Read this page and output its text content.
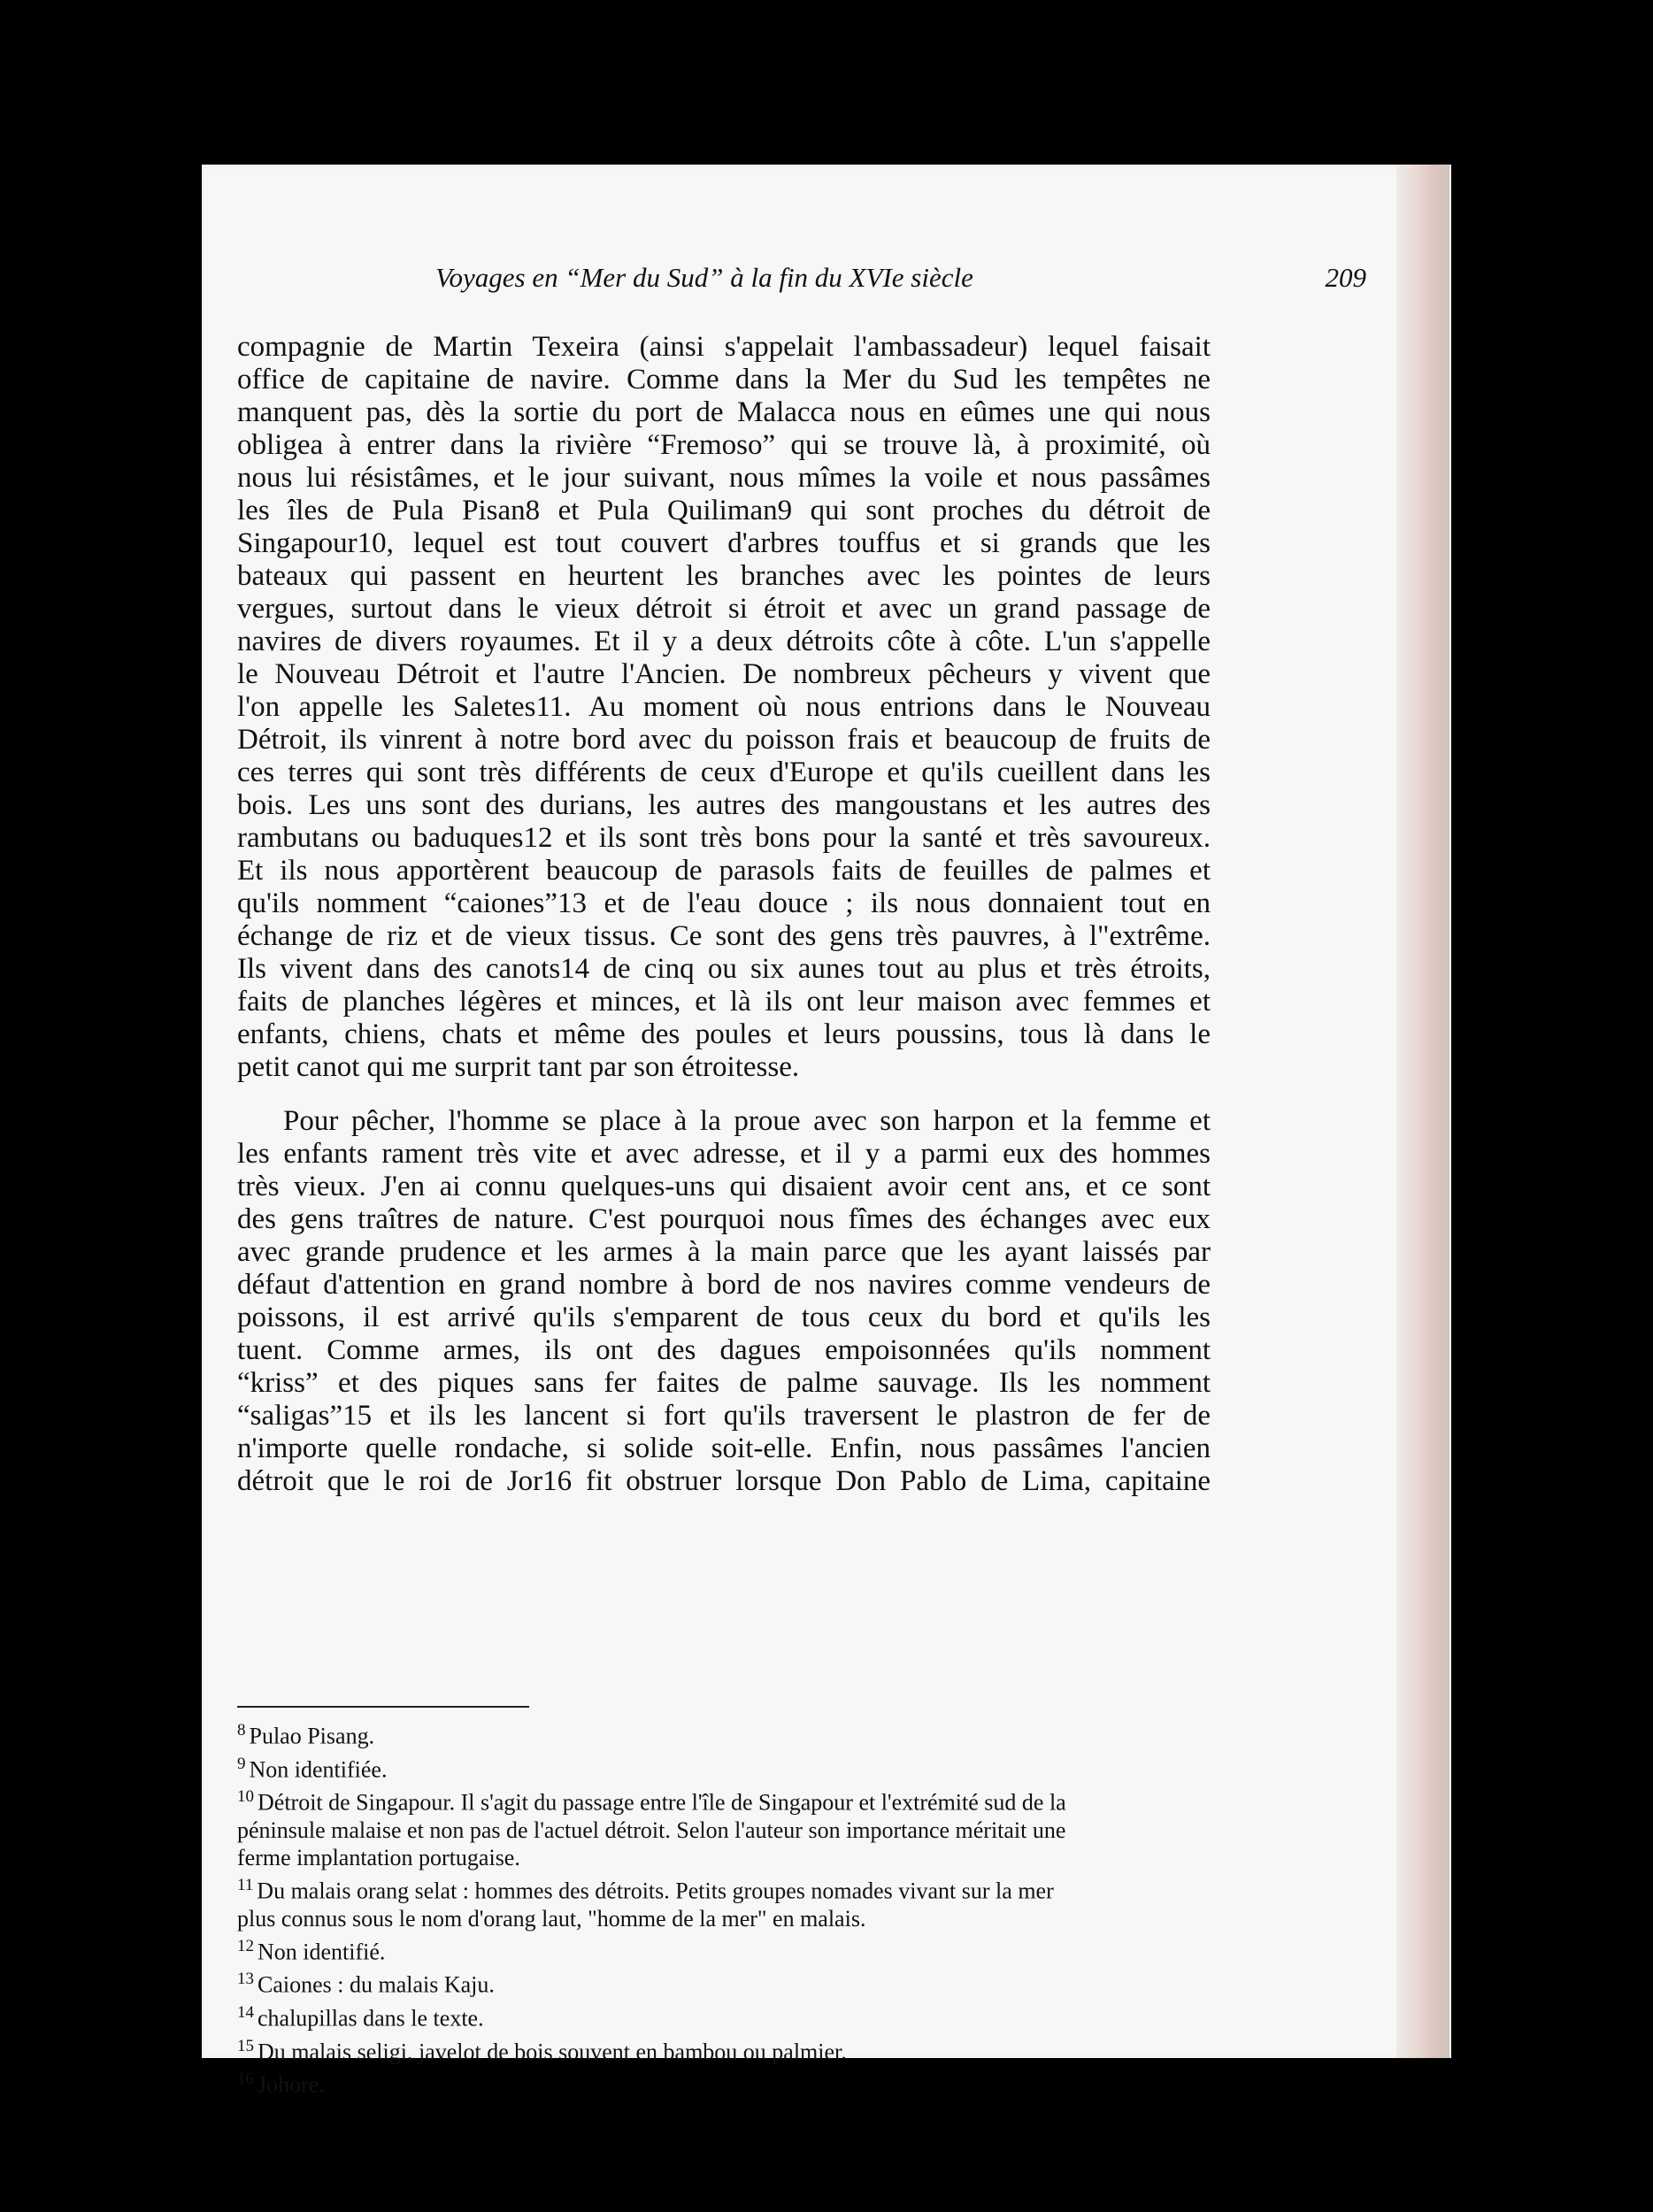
Voyages en “Mer du Sud” à la fin du XVIe siècle	209
compagnie de Martin Texeira (ainsi s'appelait l'ambassadeur) lequel faisait
office de capitaine de navire. Comme dans la Mer du Sud les tempêtes ne
manquent pas, dès la sortie du port de Malacca nous en eûmes une qui nous
obligea à entrer dans la rivière “Fremoso” qui se trouve là, à proximité, où
nous lui résistâmes, et le jour suivant, nous mîmes la voile et nous passâmes
les îles de Pula Pisan8 et Pula Quiliman9 qui sont proches du détroit de
Singapour10, lequel est tout couvert d'arbres touffus et si grands que les
bateaux qui passent en heurtent les branches avec les pointes de leurs
vergues, surtout dans le vieux détroit si étroit et avec un grand passage de
navires de divers royaumes. Et il y a deux détroits côte à côte. L'un s'appelle
le Nouveau Détroit et l'autre l'Ancien. De nombreux pêcheurs y vivent que
l'on appelle les Saletes11. Au moment où nous entrions dans le Nouveau
Détroit, ils vinrent à notre bord avec du poisson frais et beaucoup de fruits de
ces terres qui sont très différents de ceux d'Europe et qu'ils cueillent dans les
bois. Les uns sont des durians, les autres des mangoustans et les autres des
rambutans ou baduques12 et ils sont très bons pour la santé et très savoureux.
Et ils nous apportèrent beaucoup de parasols faits de feuilles de palmes et
qu'ils nomment “caiones”13 et de l'eau douce ; ils nous donnaient tout en
échange de riz et de vieux tissus. Ce sont des gens très pauvres, à l"extrême.
Ils vivent dans des canots14 de cinq ou six aunes tout au plus et très étroits,
faits de planches légères et minces, et là ils ont leur maison avec femmes et
enfants, chiens, chats et même des poules et leurs poussins, tous là dans le
petit canot qui me surprit tant par son étroitesse.
Pour pêcher, l'homme se place à la proue avec son harpon et la femme et
les enfants rament très vite et avec adresse, et il y a parmi eux des hommes
très vieux. J'en ai connu quelques-uns qui disaient avoir cent ans, et ce sont
des gens traîtres de nature. C'est pourquoi nous fîmes des échanges avec eux
avec grande prudence et les armes à la main parce que les ayant laissés par
défaut d'attention en grand nombre à bord de nos navires comme vendeurs de
poissons, il est arrivé qu'ils s'emparent de tous ceux du bord et qu'ils les
tuent. Comme armes, ils ont des dagues empoisonnées qu'ils nomment
“kriss” et des piques sans fer faites de palme sauvage. Ils les nomment
“saligas”15 et ils les lancent si fort qu'ils traversent le plastron de fer de
n'importe quelle rondache, si solide soit-elle. Enfin, nous passâmes l'ancien
détroit que le roi de Jor16 fit obstruer lorsque Don Pablo de Lima, capitaine
$^8$ Pulao Pisang.
$^9$ Non identifiée.
$^{10}$ Détroit de Singapour. Il s'agit du passage entre l'île de Singapour et l'extrémité sud de la
péninsule malaise et non pas de l'actuel détroit. Selon l'auteur son importance méritait une
ferme implantation portugaise.
$^{11}$ Du malais orang selat : hommes des détroits. Petits groupes nomades vivant sur la mer
plus connus sous le nom d'orang laut, "homme de la mer" en malais.
$^{12}$ Non identifié.
$^{13}$ Caiones : du malais Kaju.
$^{14}$ chalupillas dans le texte.
$^{15}$ Du malais seligi, javelot de bois souvent en bambou ou palmier.
$^{16}$ Johore.
